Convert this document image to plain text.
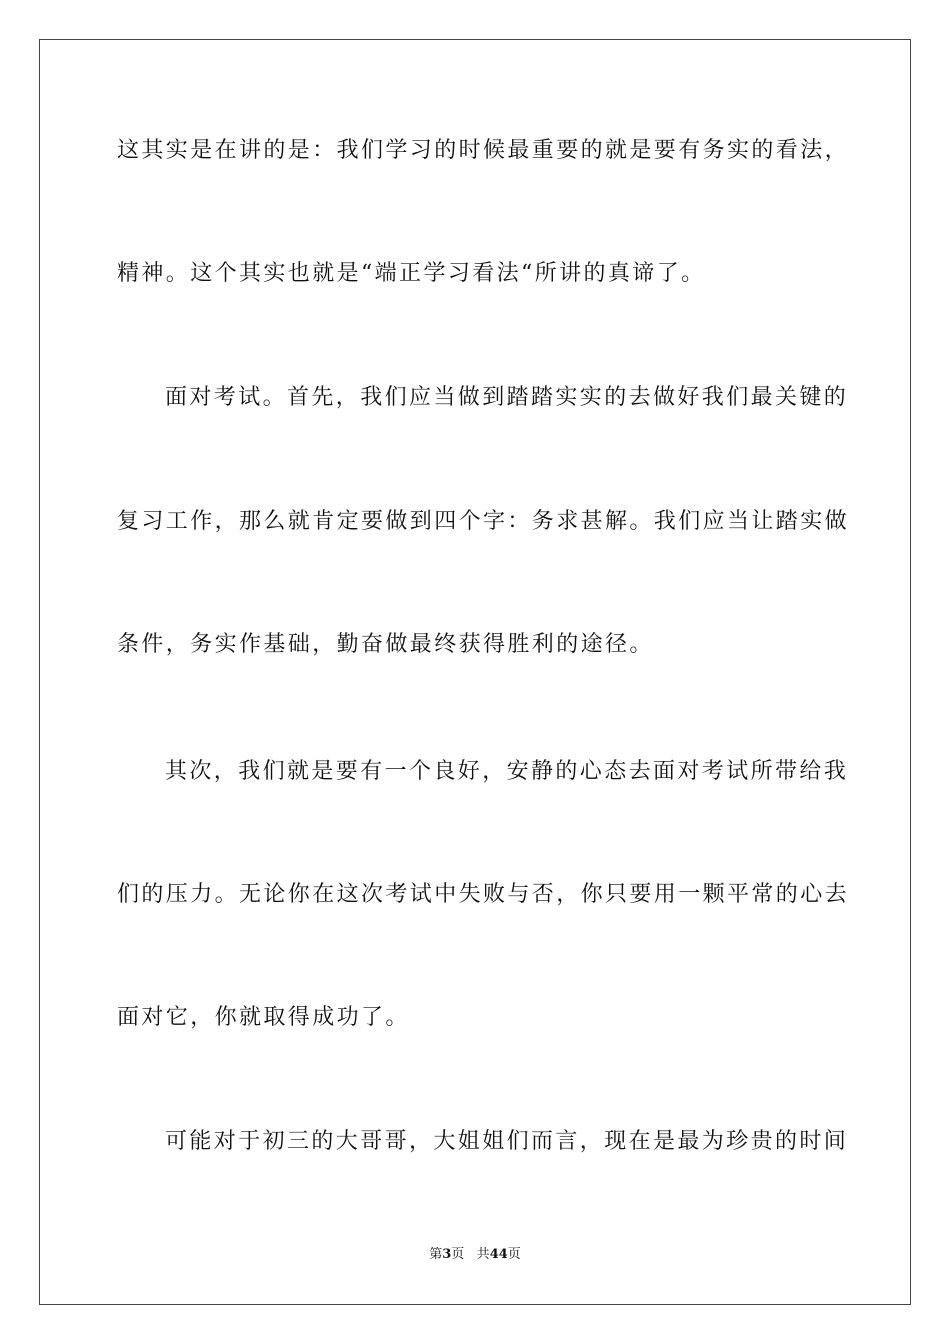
这其实是在讲的是：我们学习的时候最重要的就是要有务实的看法，
精神。这个其实也就是“端正学习看法“所讲的真谛了。
面对考试。首先，我们应当做到踏踏实实的去做好我们最关键的
复习工作，那么就肯定要做到四个字：务求甚解。我们应当让踏实做
条件，务实作基础，勤奋做最终获得胜利的途径。
其次，我们就是要有一个良好，安静的心态去面对考试所带给我
们的压力。无论你在这次考试中失败与否，你只要用一颗平常的心去
面对它，你就取得成功了。
可能对于初三的大哥哥，大姐姐们而言，现在是最为珍贵的时间
第3页 共44页
